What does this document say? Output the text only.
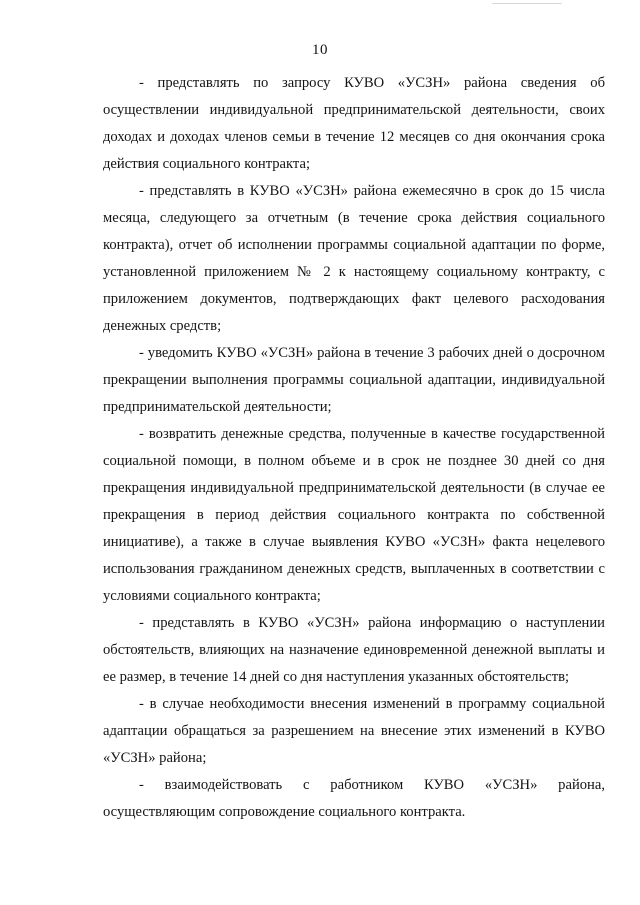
10

- представлять по запросу КУВО «УСЗН» района сведения об осуществлении индивидуальной предпринимательской деятельности, своих доходах и доходах членов семьи в течение 12 месяцев со дня окончания срока действия социального контракта;

- представлять в КУВО «УСЗН» района ежемесячно в срок до 15 числа месяца, следующего за отчетным (в течение срока действия социального контракта), отчет об исполнении программы социальной адаптации по форме, установленной приложением № 2 к настоящему социальному контракту, с приложением документов, подтверждающих факт целевого расходования денежных средств;

- уведомить КУВО «УСЗН» района в течение 3 рабочих дней о досрочном прекращении выполнения программы социальной адаптации, индивидуальной предпринимательской деятельности;

- возвратить денежные средства, полученные в качестве государственной социальной помощи, в полном объеме и в срок не позднее 30 дней со дня прекращения индивидуальной предпринимательской деятельности (в случае ее прекращения в период действия социального контракта по собственной инициативе), а также в случае выявления КУВО «УСЗН» факта нецелевого использования гражданином денежных средств, выплаченных в соответствии с условиями социального контракта;

- представлять в КУВО «УСЗН» района информацию о наступлении обстоятельств, влияющих на назначение единовременной денежной выплаты и ее размер, в течение 14 дней со дня наступления указанных обстоятельств;

- в случае необходимости внесения изменений в программу социальной адаптации обращаться за разрешением на внесение этих изменений в КУВО «УСЗН» района;

- взаимодействовать с работником КУВО «УСЗН» района, осуществляющим сопровождение социального контракта.
